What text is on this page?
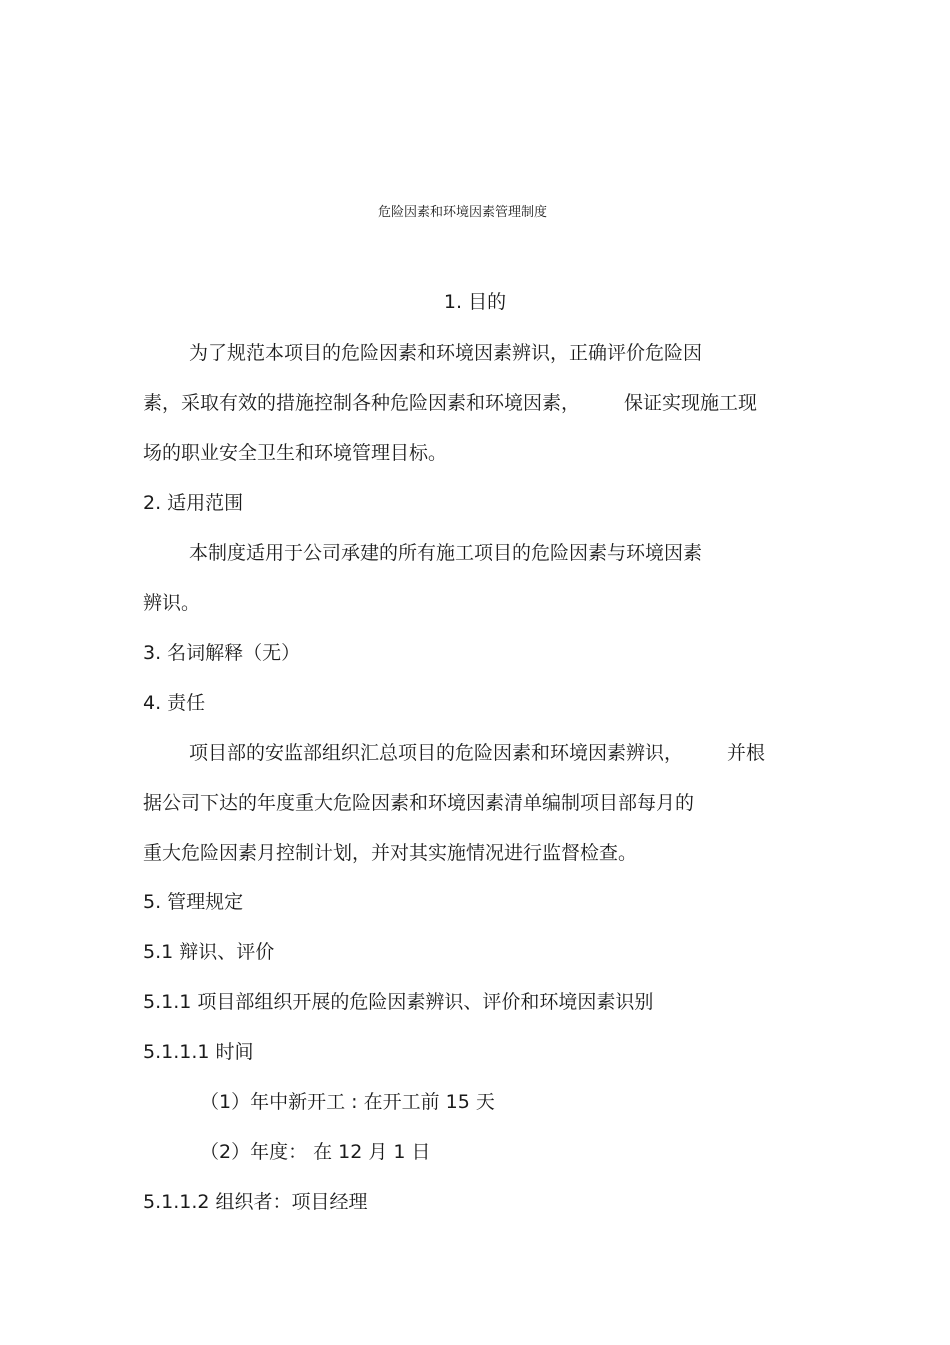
危险因素和环境因素管理制度
1. 目的
为了规范本项目的危险因素和环境因素辨识，正确评价危险因
素，采取有效的措施控制各种危险因素和环境因素， 保证实现施工现
场的职业安全卫生和环境管理目标。
2. 适用范围
本制度适用于公司承建的所有施工项目的危险因素与环境因素
辨识。
3. 名词解释（无）
4. 责任
项目部的安监部组织汇总项目的危险因素和环境因素辨识， 并根
据公司下达的年度重大危险因素和环境因素清单编制项目部每月的
重大危险因素月控制计划，并对其实施情况进行监督检查。
5. 管理规定
5.1 辩识、评价
5.1.1 项目部组织开展的危险因素辨识、评价和环境因素识别
5.1.1.1 时间
（1）年中新开工 : 在开工前 15 天
（2）年度： 在 12 月 1 日
5.1.1.2 组织者：项目经理
